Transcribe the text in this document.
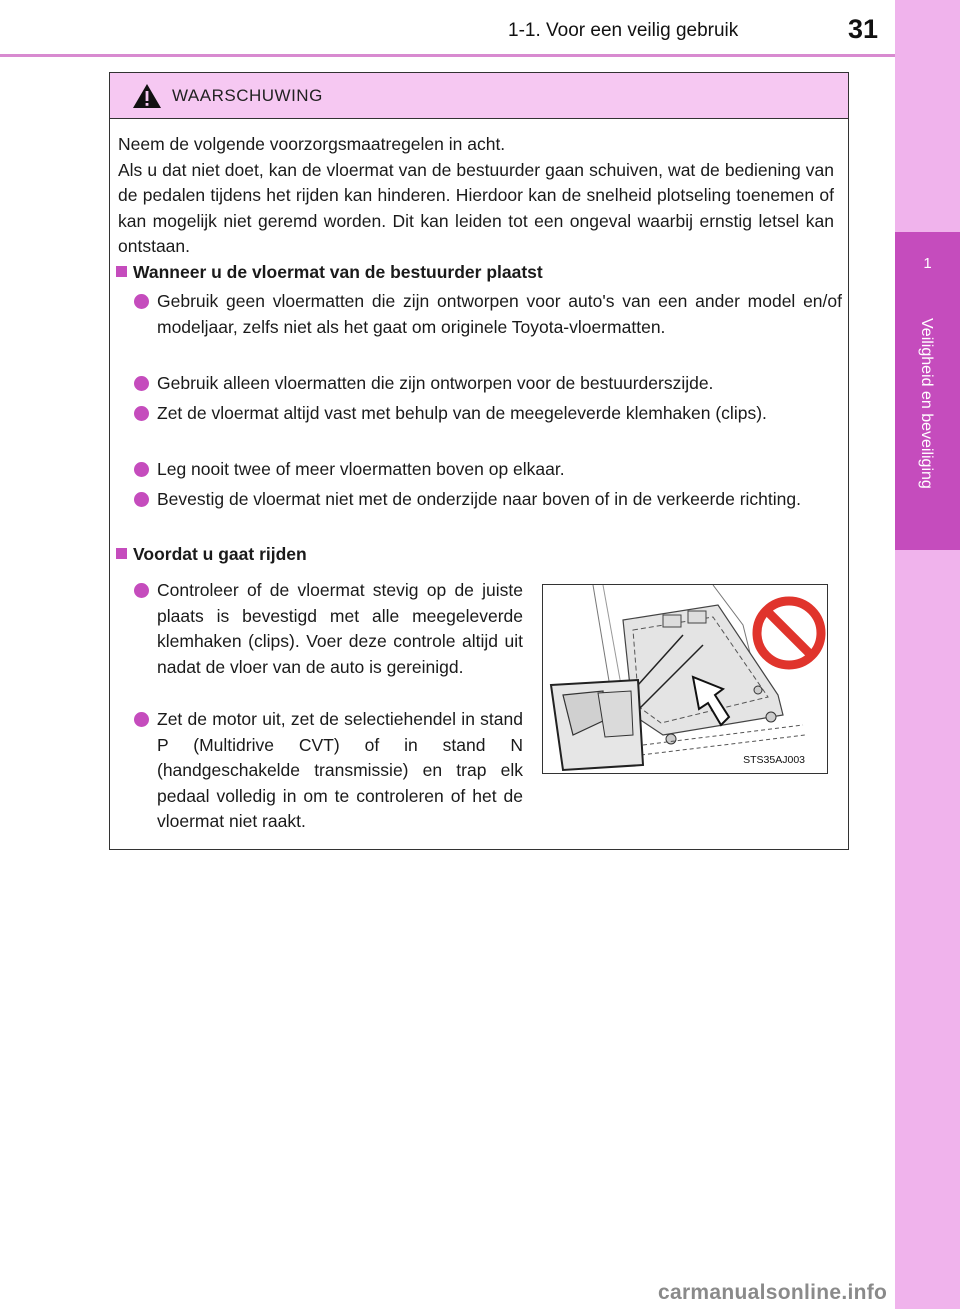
1-1. Voor een veilig gebruik	31
1
Veiligheid en beveiliging
WAARSCHUWING
Neem de volgende voorzorgsmaatregelen in acht.
Als u dat niet doet, kan de vloermat van de bestuurder gaan schuiven, wat de bediening van de pedalen tijdens het rijden kan hinderen. Hierdoor kan de snelheid plotseling toenemen of kan mogelijk niet geremd worden. Dit kan leiden tot een ongeval waarbij ernstig letsel kan ontstaan.
Wanneer u de vloermat van de bestuurder plaatst
Gebruik geen vloermatten die zijn ontworpen voor auto's van een ander model en/of modeljaar, zelfs niet als het gaat om originele Toyota-vloermatten.
Gebruik alleen vloermatten die zijn ontworpen voor de bestuurderszijde.
Zet de vloermat altijd vast met behulp van de meegeleverde klemhaken (clips).
Leg nooit twee of meer vloermatten boven op elkaar.
Bevestig de vloermat niet met de onderzijde naar boven of in de verkeerde richting.
Voordat u gaat rijden
Controleer of de vloermat stevig op de juiste plaats is bevestigd met alle meegeleverde klemhaken (clips). Voer deze controle altijd uit nadat de vloer van de auto is gereinigd.
Zet de motor uit, zet de selectiehendel in stand P (Multidrive CVT) of in stand N (handgeschakelde transmissie) en trap elk pedaal volledig in om te controleren of het de vloermat niet raakt.
STS35AJ003
carmanualsonline.info
